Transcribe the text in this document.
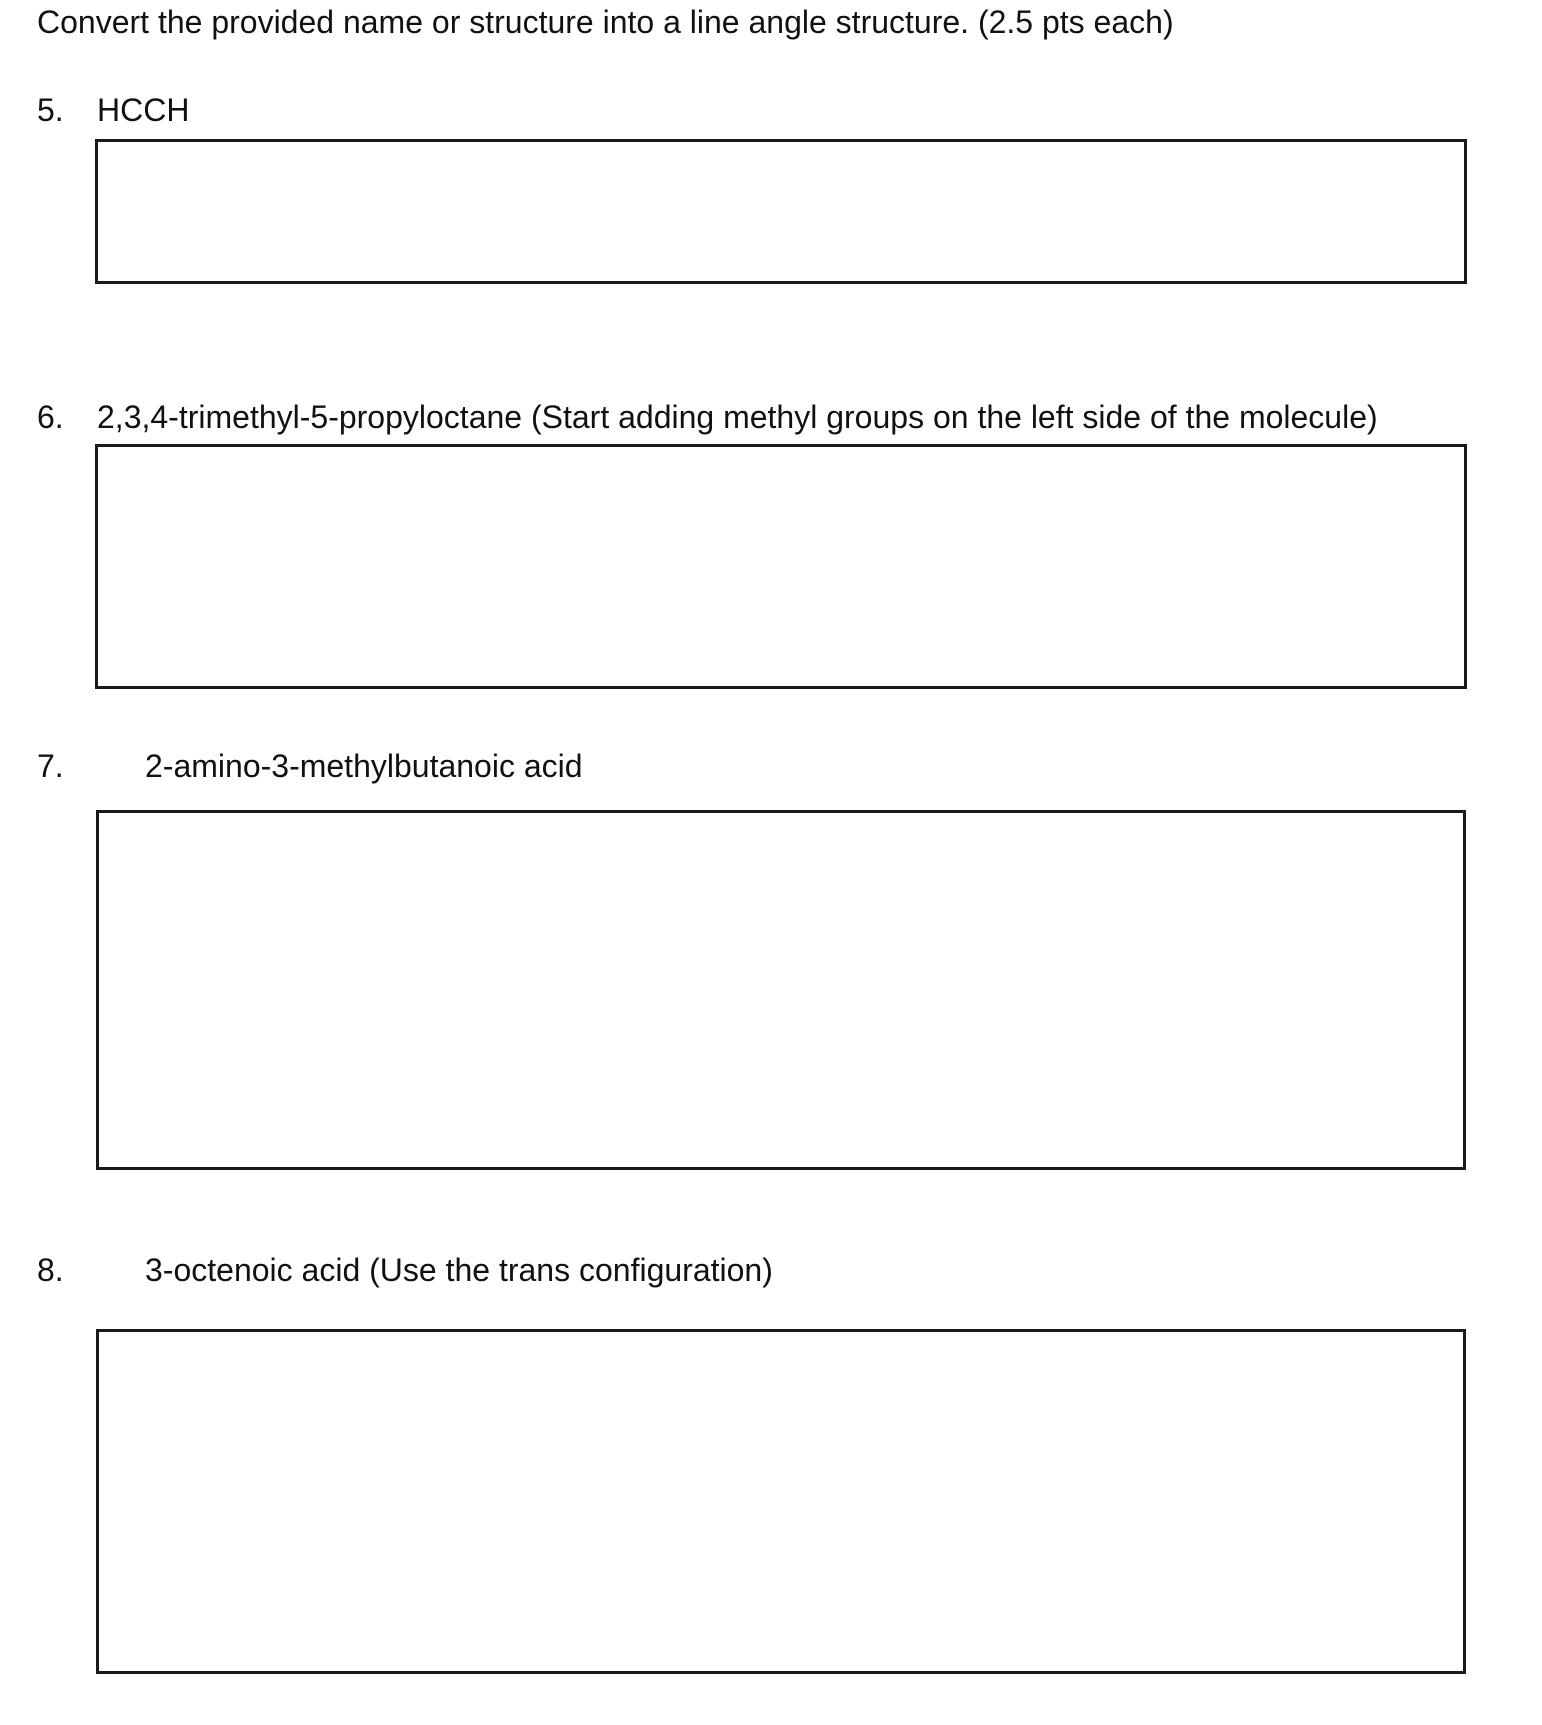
Convert the provided name or structure into a line angle structure. (2.5 pts each)
5. HCCH
6. 2,3,4-trimethyl-5-propyloctane (Start adding methyl groups on the left side of the molecule)
7.	2-amino-3-methylbutanoic acid
8.	3-octenoic acid (Use the trans configuration)
